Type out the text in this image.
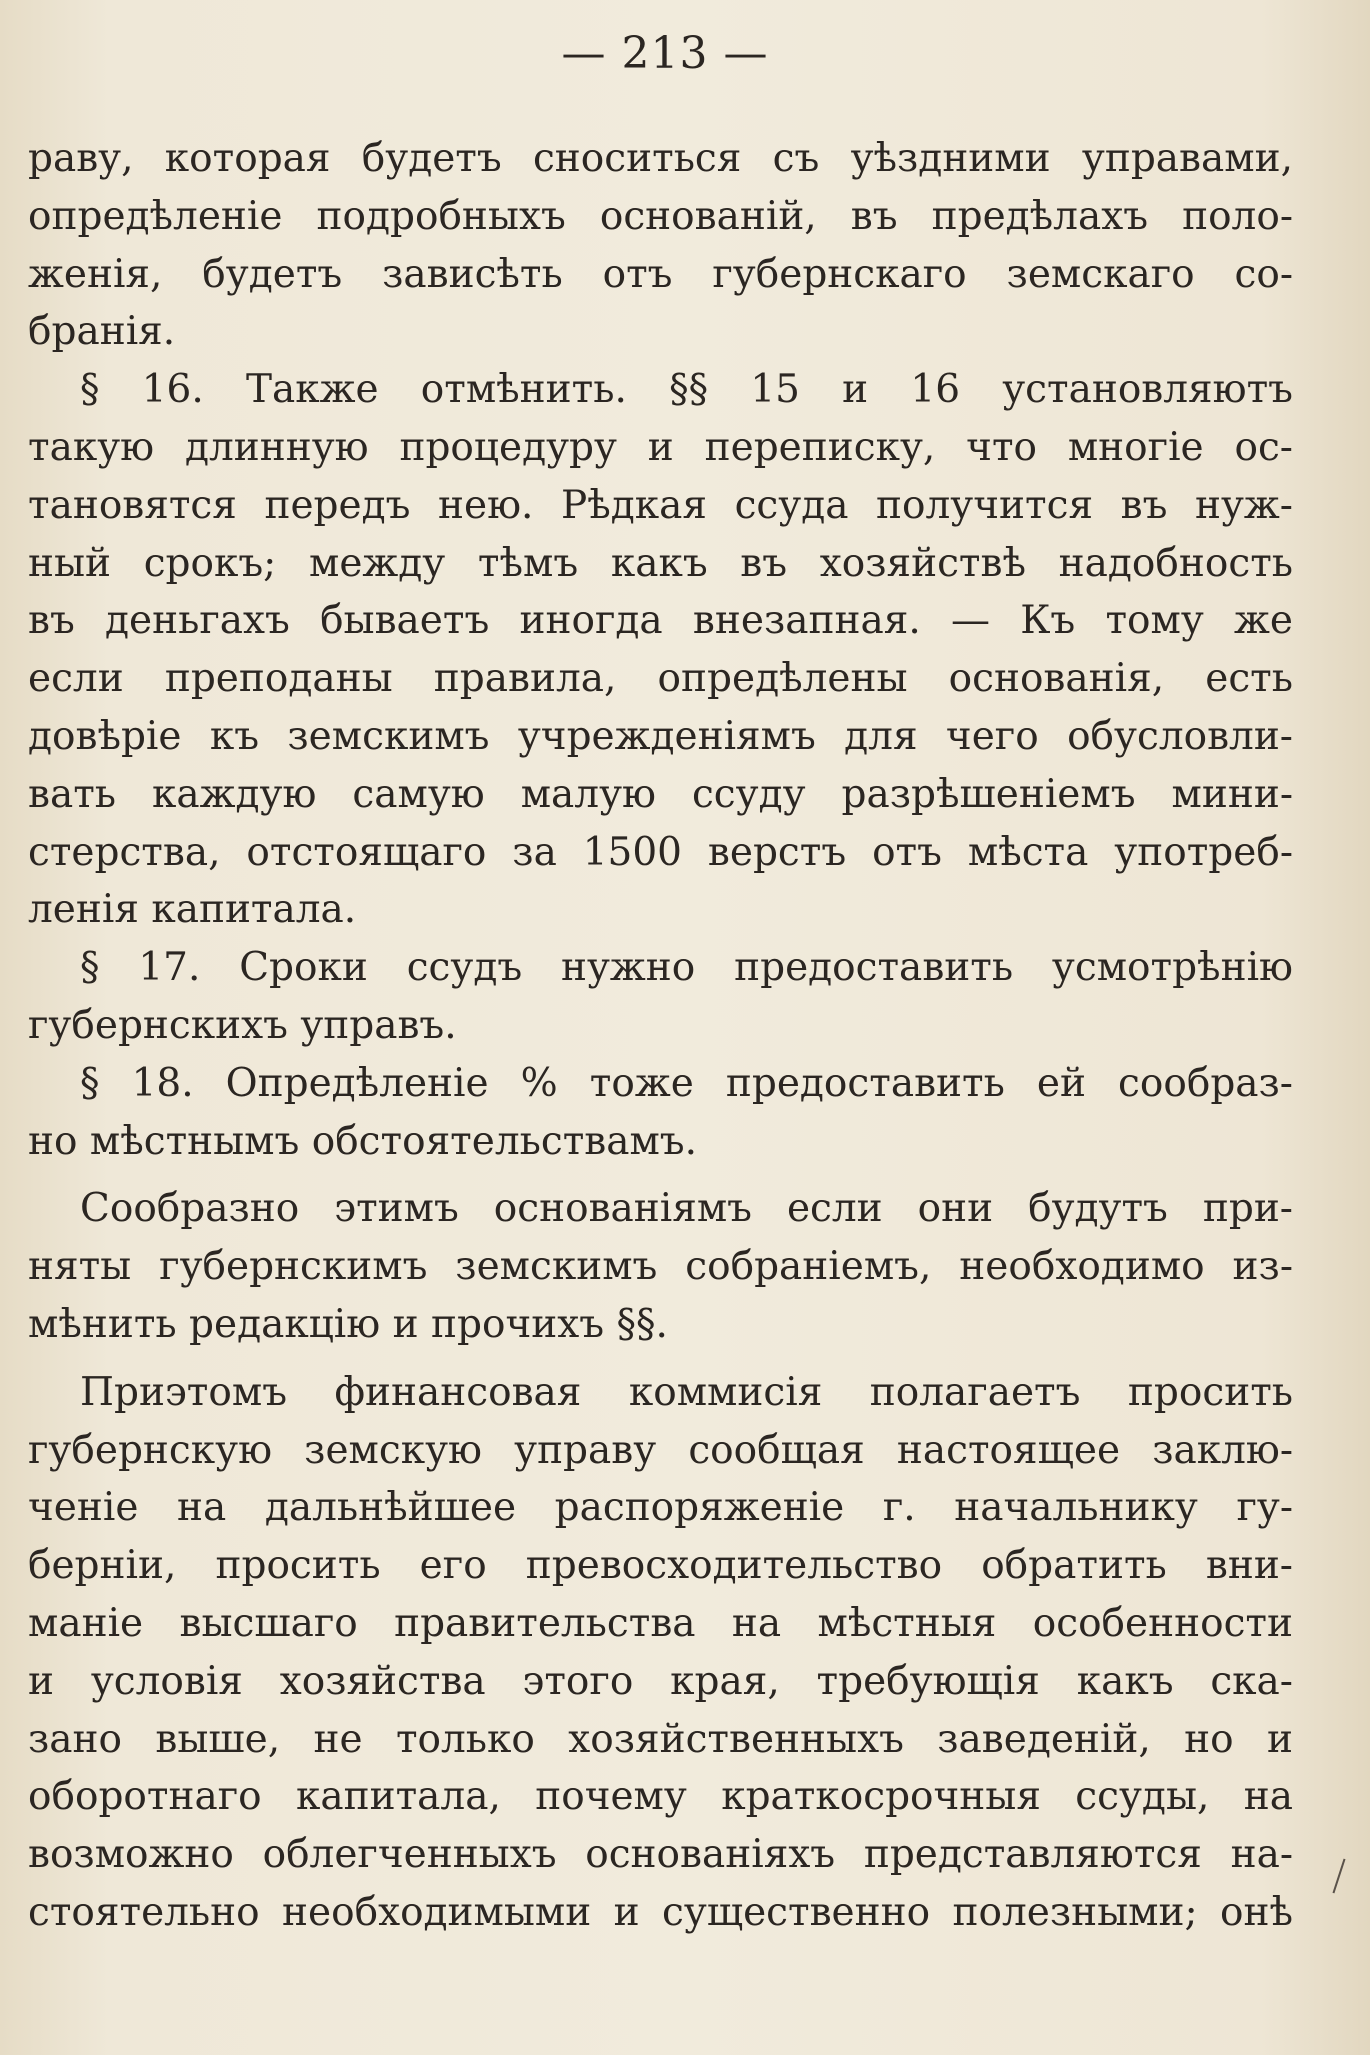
— 213 —
раву, которая будетъ сноситься съ уѣздними управами,
опредѣленіе подробныхъ основаній, въ предѣлахъ поло-
женія, будетъ зависѣть отъ губернскаго земскаго со-
бранія.
§ 16. Также отмѣнить. §§ 15 и 16 установляютъ
такую длинную процедуру и переписку, что многіе ос-
тановятся передъ нею. Рѣдкая ссуда получится въ нуж-
ный срокъ; между тѣмъ какъ въ хозяйствѣ надобность
въ деньгахъ бываетъ иногда внезапная. — Къ тому же
если преподаны правила, опредѣлены основанія, есть
довѣріе къ земскимъ учрежденіямъ для чего обусловли-
вать каждую самую малую ссуду разрѣшеніемъ мини-
стерства, отстоящаго за 1500 верстъ отъ мѣста употреб-
ленія капитала.
§ 17. Сроки ссудъ нужно предоставить усмотрѣнію
губернскихъ управъ.
§ 18. Опредѣленіе % тоже предоставить ей сообраз-
но мѣстнымъ обстоятельствамъ.
Сообразно этимъ основаніямъ если они будутъ при-
няты губернскимъ земскимъ собраніемъ, необходимо из-
мѣнить редакцію и прочихъ §§.
Приэтомъ финансовая коммисія полагаетъ просить
губернскую земскую управу сообщая настоящее заклю-
ченіе на дальнѣйшее распоряженіе г. начальнику гу-
берніи, просить его превосходительство обратить вни-
маніе высшаго правительства на мѣстныя особенности
и условія хозяйства этого края, требующія какъ ска-
зано выше, не только хозяйственныхъ заведеній, но и
оборотнаго капитала, почему краткосрочныя ссуды, на
возможно облегченныхъ основаніяхъ представляются на-
стоятельно необходимыми и существенно полезными; онѣ
